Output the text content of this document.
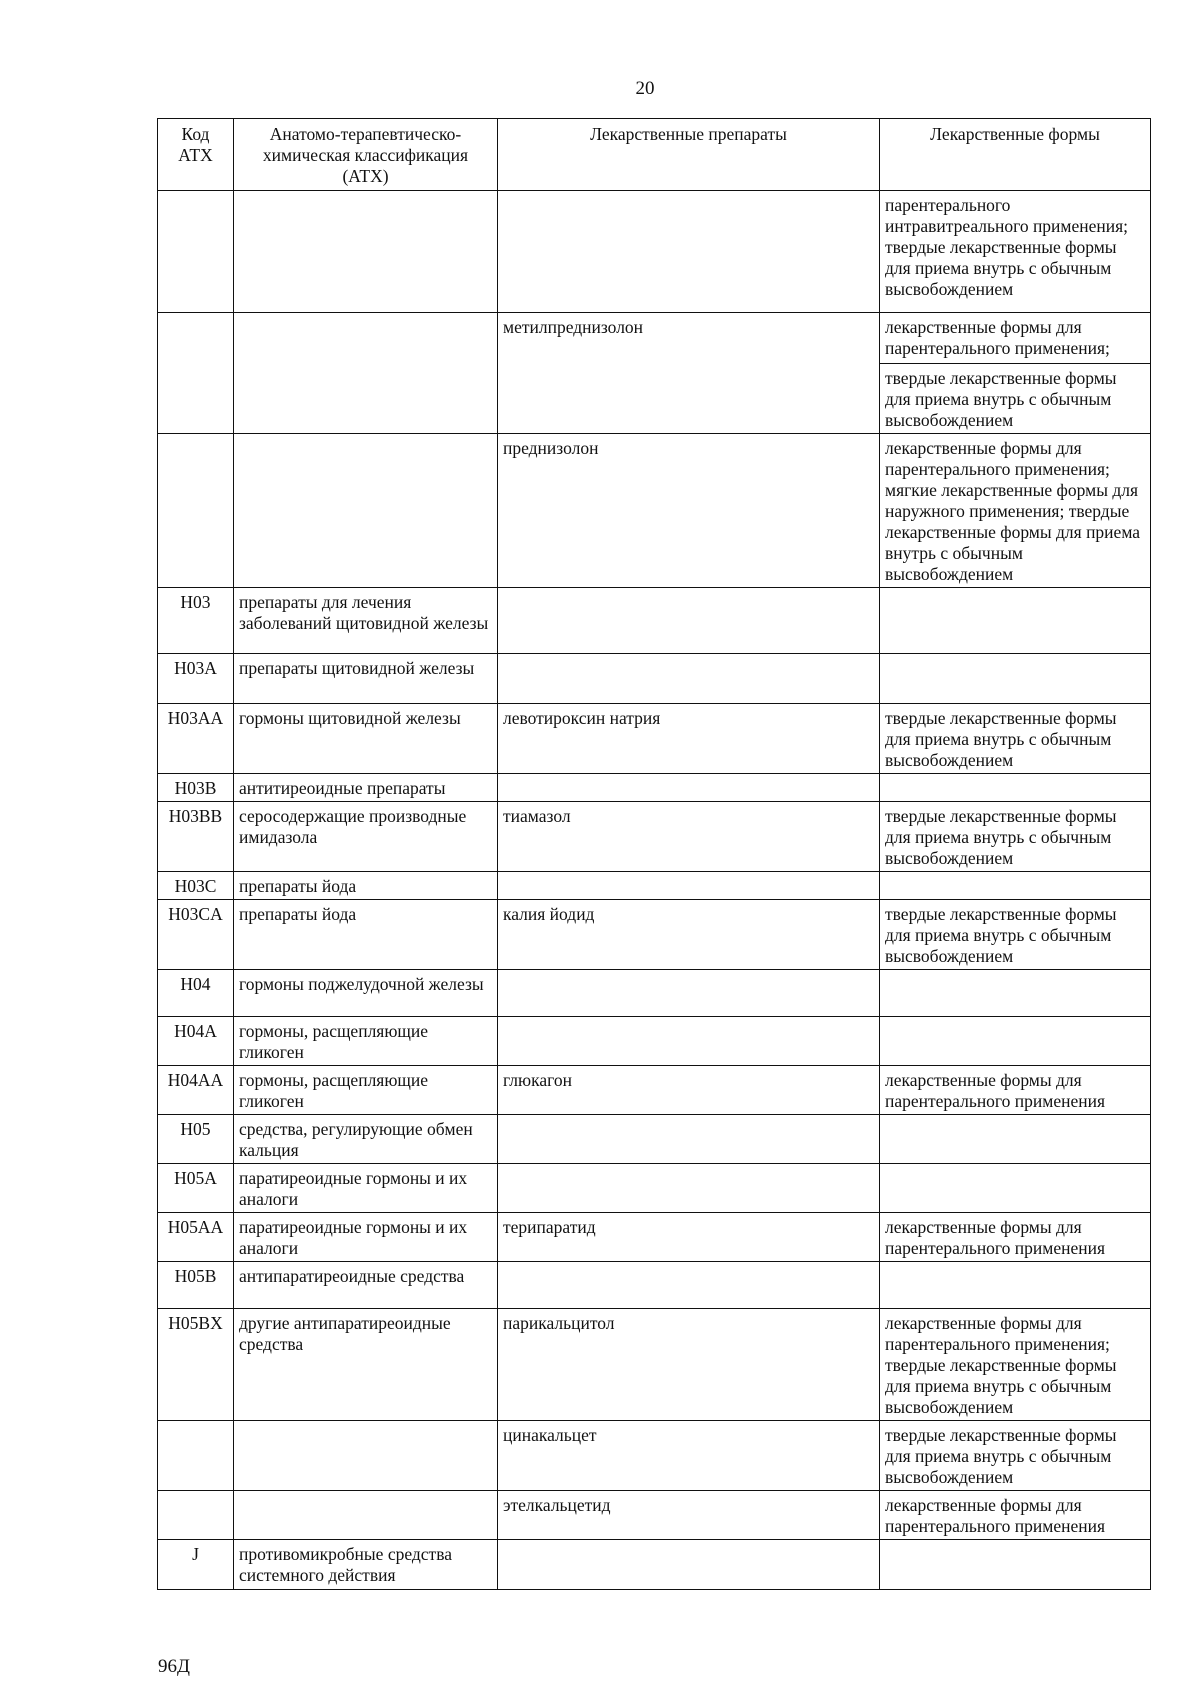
20
Код АТХ	Анатомо-терапевтическо-химическая классификация (АТХ)	Лекарственные препараты	Лекарственные формы

			парентерального интравитреального применения; твердые лекарственные формы для приема внутрь с обычным высвобождением

		метилпреднизолон	лекарственные формы для парентерального применения;
твердые лекарственные формы для приема внутрь с обычным высвобождением

		преднизолон	лекарственные формы для парентерального применения; мягкие лекарственные формы для наружного применения; твердые лекарственные формы для приема внутрь с обычным высвобождением

H03	препараты для лечения заболеваний щитовидной железы		

H03A	препараты щитовидной железы		

H03AA	гормоны щитовидной железы	левотироксин натрия	твердые лекарственные формы для приема внутрь с обычным высвобождением

H03B	антитиреоидные препараты		

H03BB	серосодержащие производные имидазола	тиамазол	твердые лекарственные формы для приема внутрь с обычным высвобождением

H03C	препараты йода		

H03CA	препараты йода	калия йодид	твердые лекарственные формы для приема внутрь с обычным высвобождением

H04	гормоны поджелудочной железы		

H04A	гормоны, расщепляющие гликоген		

H04AA	гормоны, расщепляющие гликоген	глюкагон	лекарственные формы для парентерального применения

H05	средства, регулирующие обмен кальция		

H05A	паратиреоидные гормоны и их аналоги		

H05AA	паратиреоидные гормоны и их аналоги	терипаратид	лекарственные формы для парентерального применения

H05B	антипаратиреоидные средства		

H05BX	другие антипаратиреоидные средства	парикальцитол	лекарственные формы для парентерального применения; твердые лекарственные формы для приема внутрь с обычным высвобождением

		цинакальцет	твердые лекарственные формы для приема внутрь с обычным высвобождением

		этелкальцетид	лекарственные формы для парентерального применения

J	противомикробные средства системного действия		
96Д
